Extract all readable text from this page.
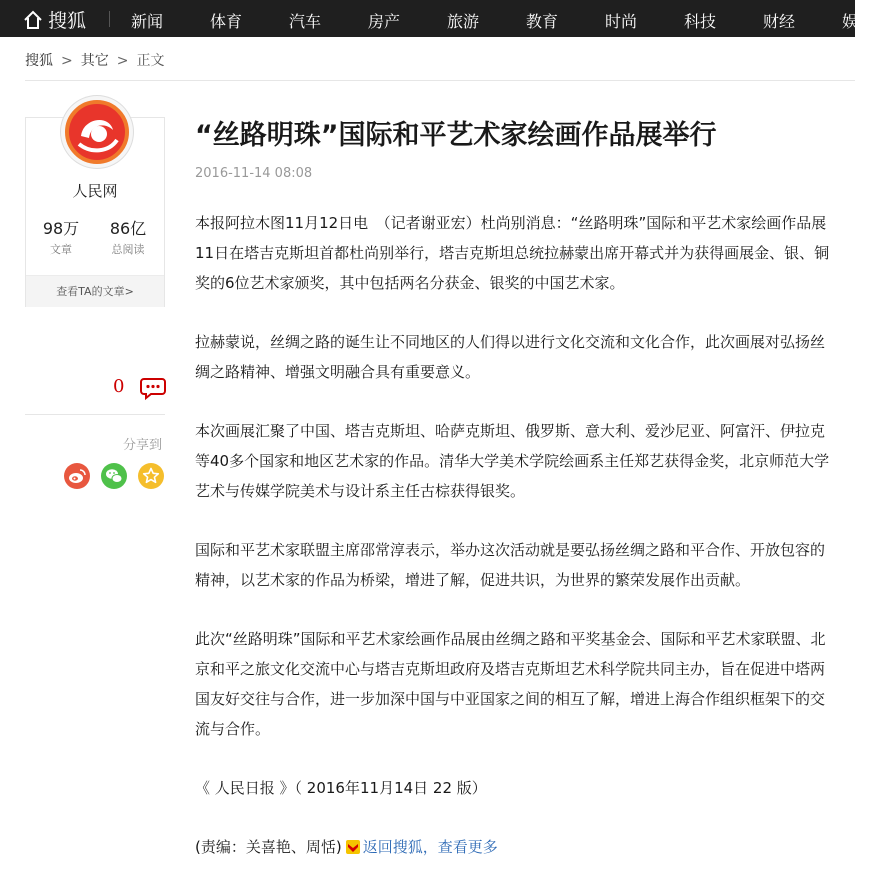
搜狐	新闻	体育	汽车	房产	旅游	教育	时尚	科技	财经	娱乐
搜狐 > 其它 > 正文
人民网
98万
文章
86亿
总阅读
查看TA的文章>
0
分享到
“丝路明珠”国际和平艺术家绘画作品展举行
2016-11-14 08:08

本报阿拉木图11月12日电　（记者谢亚宏）杜尚别消息：“丝路明珠”国际和平艺术家绘画作品展11日在塔吉克斯坦首都杜尚别举行，塔吉克斯坦总统拉赫蒙出席开幕式并为获得画展金、银、铜奖的6位艺术家颁奖，其中包括两名分获金、银奖的中国艺术家。

拉赫蒙说，丝绸之路的诞生让不同地区的人们得以进行文化交流和文化合作，此次画展对弘扬丝绸之路精神、增强文明融合具有重要意义。

本次画展汇聚了中国、塔吉克斯坦、哈萨克斯坦、俄罗斯、意大利、爱沙尼亚、阿富汗、伊拉克等40多个国家和地区艺术家的作品。清华大学美术学院绘画系主任郑艺获得金奖，北京师范大学艺术与传媒学院美术与设计系主任古棕获得银奖。

国际和平艺术家联盟主席邵常淳表示，举办这次活动就是要弘扬丝绸之路和平合作、开放包容的精神，以艺术家的作品为桥梁，增进了解，促进共识，为世界的繁荣发展作出贡献。

此次“丝路明珠”国际和平艺术家绘画作品展由丝绸之路和平奖基金会、国际和平艺术家联盟、北京和平之旅文化交流中心与塔吉克斯坦政府及塔吉克斯坦艺术科学院共同主办，旨在促进中塔两国友好交往与合作，进一步加深中国与中亚国家之间的相互了解，增进上海合作组织框架下的交流与合作。

《 人民日报 》（ 2016年11月14日 22 版）

(责编：关喜艳、周恬) 返回搜狐，查看更多
